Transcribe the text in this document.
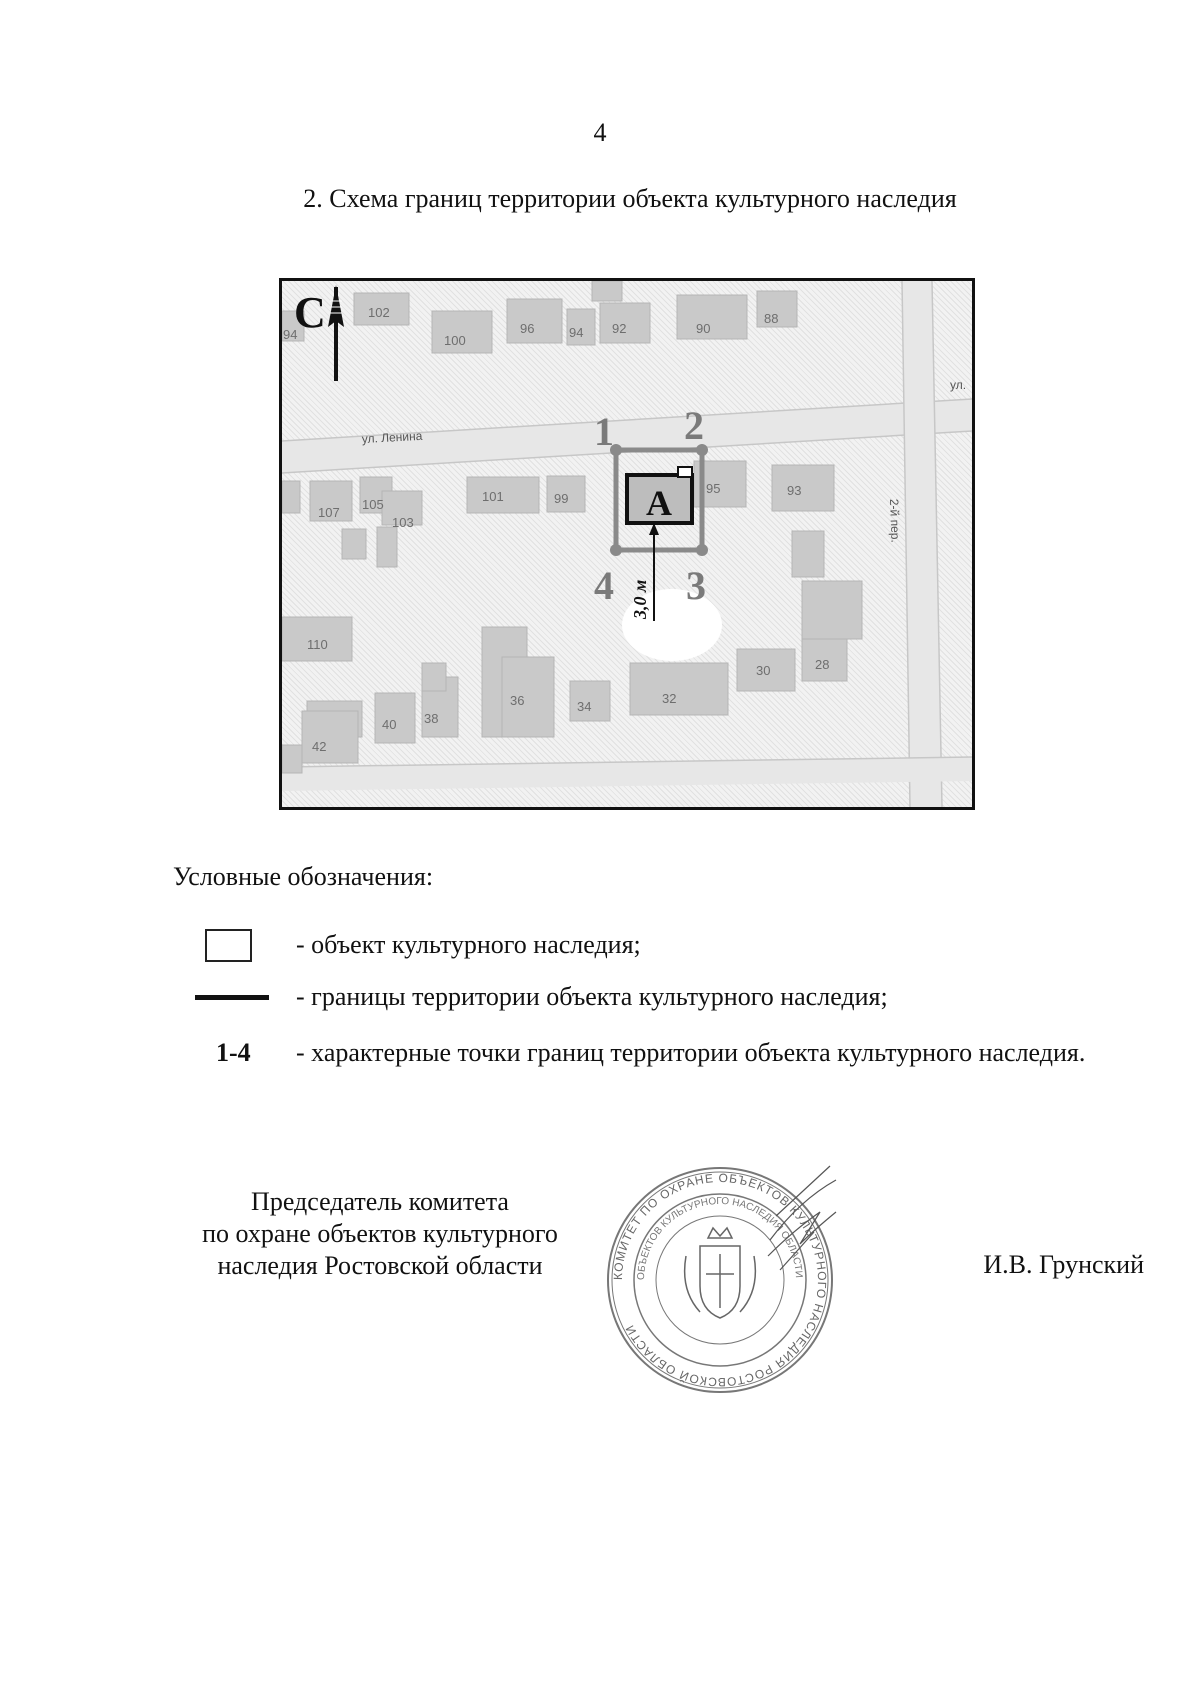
4
2. Схема границ территории объекта культурного наследия
94
102
100
96	94 92	90
88
107
105
103
101	99
95	93
110
40 38
36	34
32
30	28
42
ул. Ленина
ул.
2-й пер.
С
А
3,0 м
1 2
3
4
Условные обозначения:
- объект культурного наследия;
- границы территории объекта культурного наследия;
1-4 - характерные точки границ территории объекта культурного наследия.
Председатель комитета
по охране объектов культурного
наследия Ростовской области	КОМИТЕТ ПО ОХРАНЕ ОБЪЕКТОВ КУЛЬТУРНОГО НАСЛЕДИЯ РОСТОВСКОЙ ОБЛАСТИ
ОБЪЕКТОВ КУЛЬТУРНОГО НАСЛЕДИЯ ОБЛАСТИ	И.В. Грунский
